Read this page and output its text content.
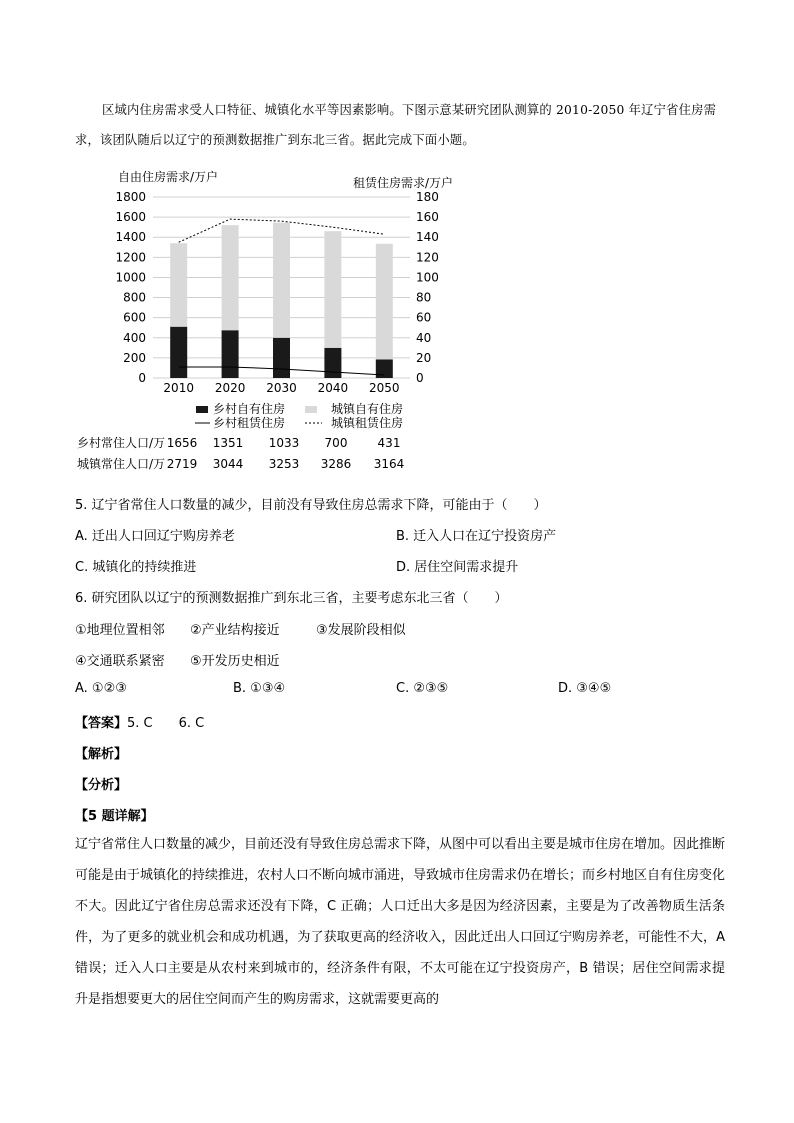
区域内住房需求受人口特征、城镇化水平等因素影响。下图示意某研究团队测算的 2010-2050 年辽宁省住房需求，该团队随后以辽宁的预测数据推广到东北三省。据此完成下面小题。
自由住房需求/万户	租赁住房需求/万户
1800
1600
1400
1200
1000
800
600
400
200
0
180
160
140
120
100
80
60
40
20
0
2010 2020 2030 2040 2050
乡村自有住房	城镇自有住房
乡村租赁住房	城镇租赁住房
乡村常住人口/万 1656 1351 1033 700	431
城镇常住人口/万 2719 3044 3253 3286 3164
5. 辽宁省常住人口数量的减少，目前没有导致住房总需求下降，可能由于（　　）
A. 迁出人口回辽宁购房养老	B. 迁入人口在辽宁投资房产
C. 城镇化的持续推进	D. 居住空间需求提升
6. 研究团队以辽宁的预测数据推广到东北三省，主要考虑东北三省（　　）
①地理位置相邻 ②产业结构接近	③发展阶段相似
④交通联系紧密 ⑤开发历史相近
A. ①②③	B. ①③④	C. ②③⑤	D. ③④⑤
【答案】5. C　　6. C
【解析】
【分析】
【5 题详解】
辽宁省常住人口数量的减少，目前还没有导致住房总需求下降，从图中可以看出主要是城市住房在增加。因此推断可能是由于城镇化的持续推进，农村人口不断向城市涌进，导致城市住房需求仍在增长；而乡村地区自有住房变化不大。因此辽宁省住房总需求还没有下降，C 正确；人口迁出大多是因为经济因素，主要是为了改善物质生活条件，为了更多的就业机会和成功机遇，为了获取更高的经济收入，因此迁出人口回辽宁购房养老，可能性不大，A 错误；迁入人口主要是从农村来到城市的，经济条件有限，不太可能在辽宁投资房产，B 错误；居住空间需求提升是指想要更大的居住空间而产生的购房需求，这就需要更高的
